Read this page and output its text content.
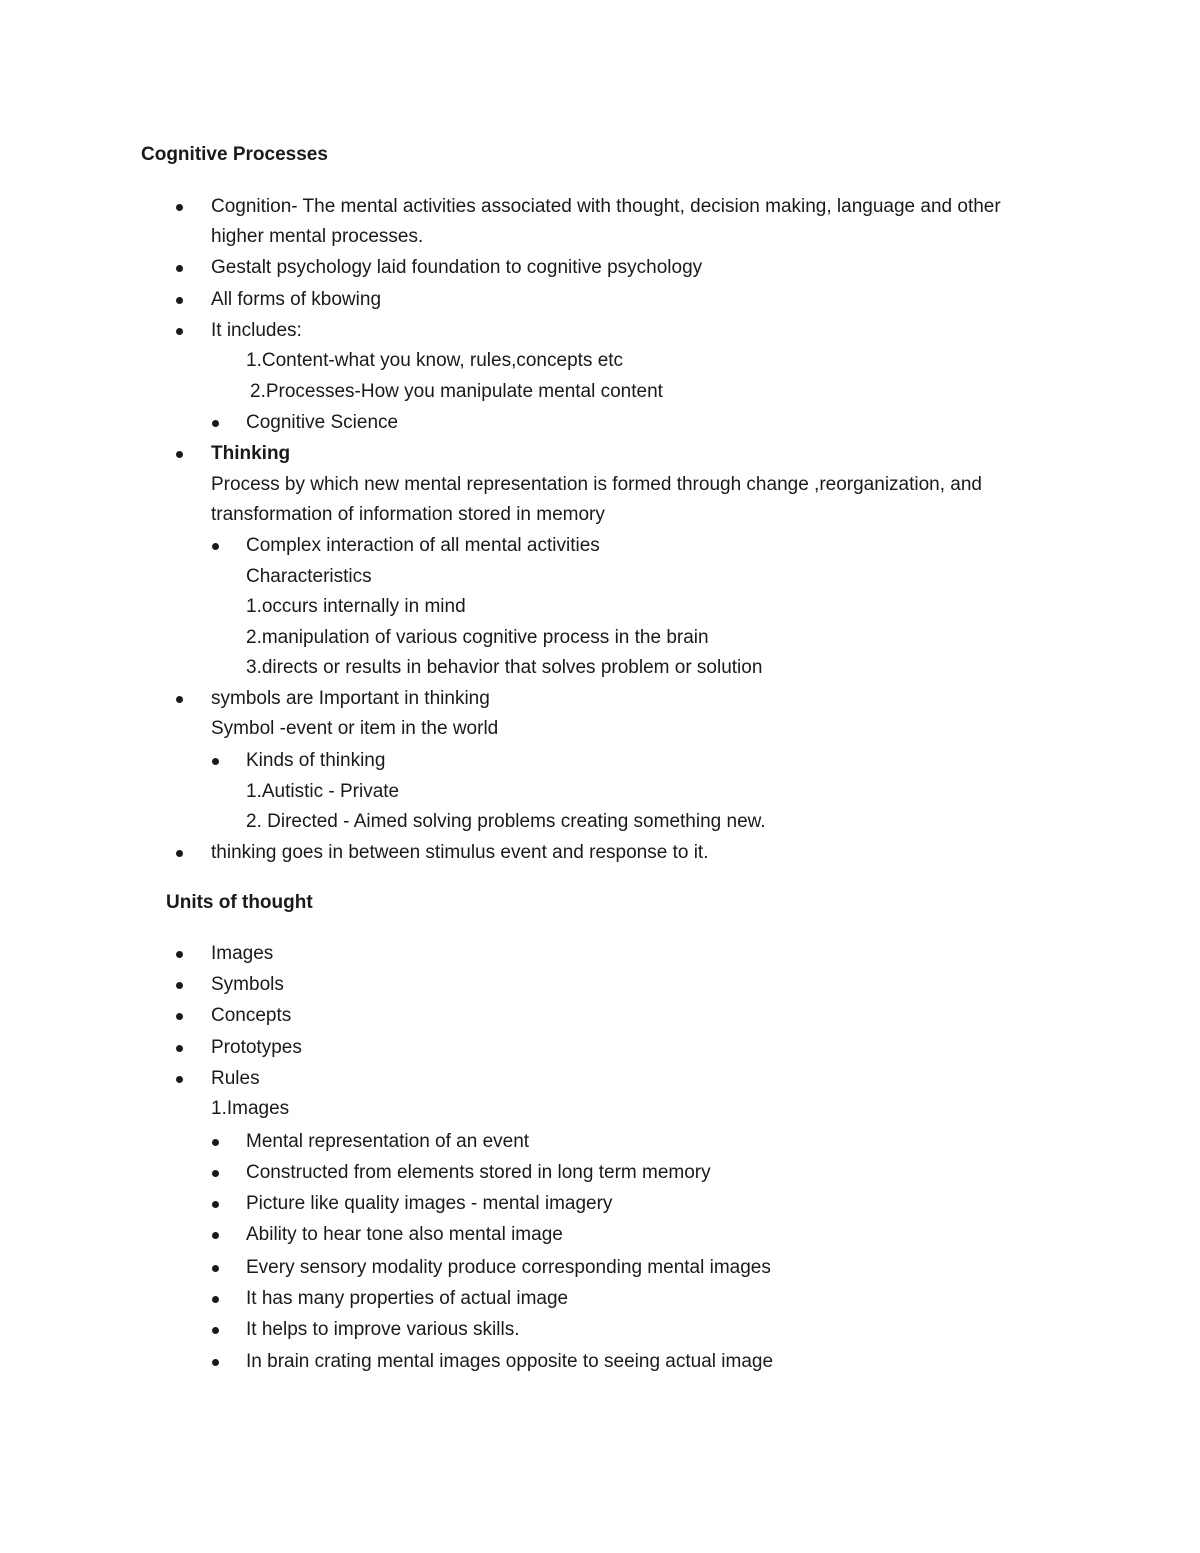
Cognitive Processes
Cognition- The mental activities associated with thought, decision making, language and other
higher mental processes.
Gestalt psychology laid foundation to cognitive psychology
All forms of kbowing
It includes:
1.Content-what you know, rules,concepts etc
2.Processes-How you manipulate mental content
Cognitive Science
Thinking
Process by which new mental representation is formed through change ,reorganization, and
transformation of information stored in memory
Complex interaction of all mental activities
Characteristics
1.occurs internally in mind
2.manipulation of various cognitive process in the brain
3.directs or results in behavior that solves problem or solution
symbols are Important in thinking
Symbol -event or item in the world
Kinds of thinking
1.Autistic - Private
2. Directed - Aimed solving problems creating something new.
thinking goes in between stimulus event and response to it.
Units of thought
Images
Symbols
Concepts
Prototypes
Rules
1.Images
Mental representation of an event
Constructed from elements stored in long term memory
Picture like quality images - mental imagery
Ability to hear tone also mental image
Every sensory modality produce corresponding mental images
It has many properties of actual image
It helps to improve various skills.
In brain crating mental images opposite to seeing actual image
